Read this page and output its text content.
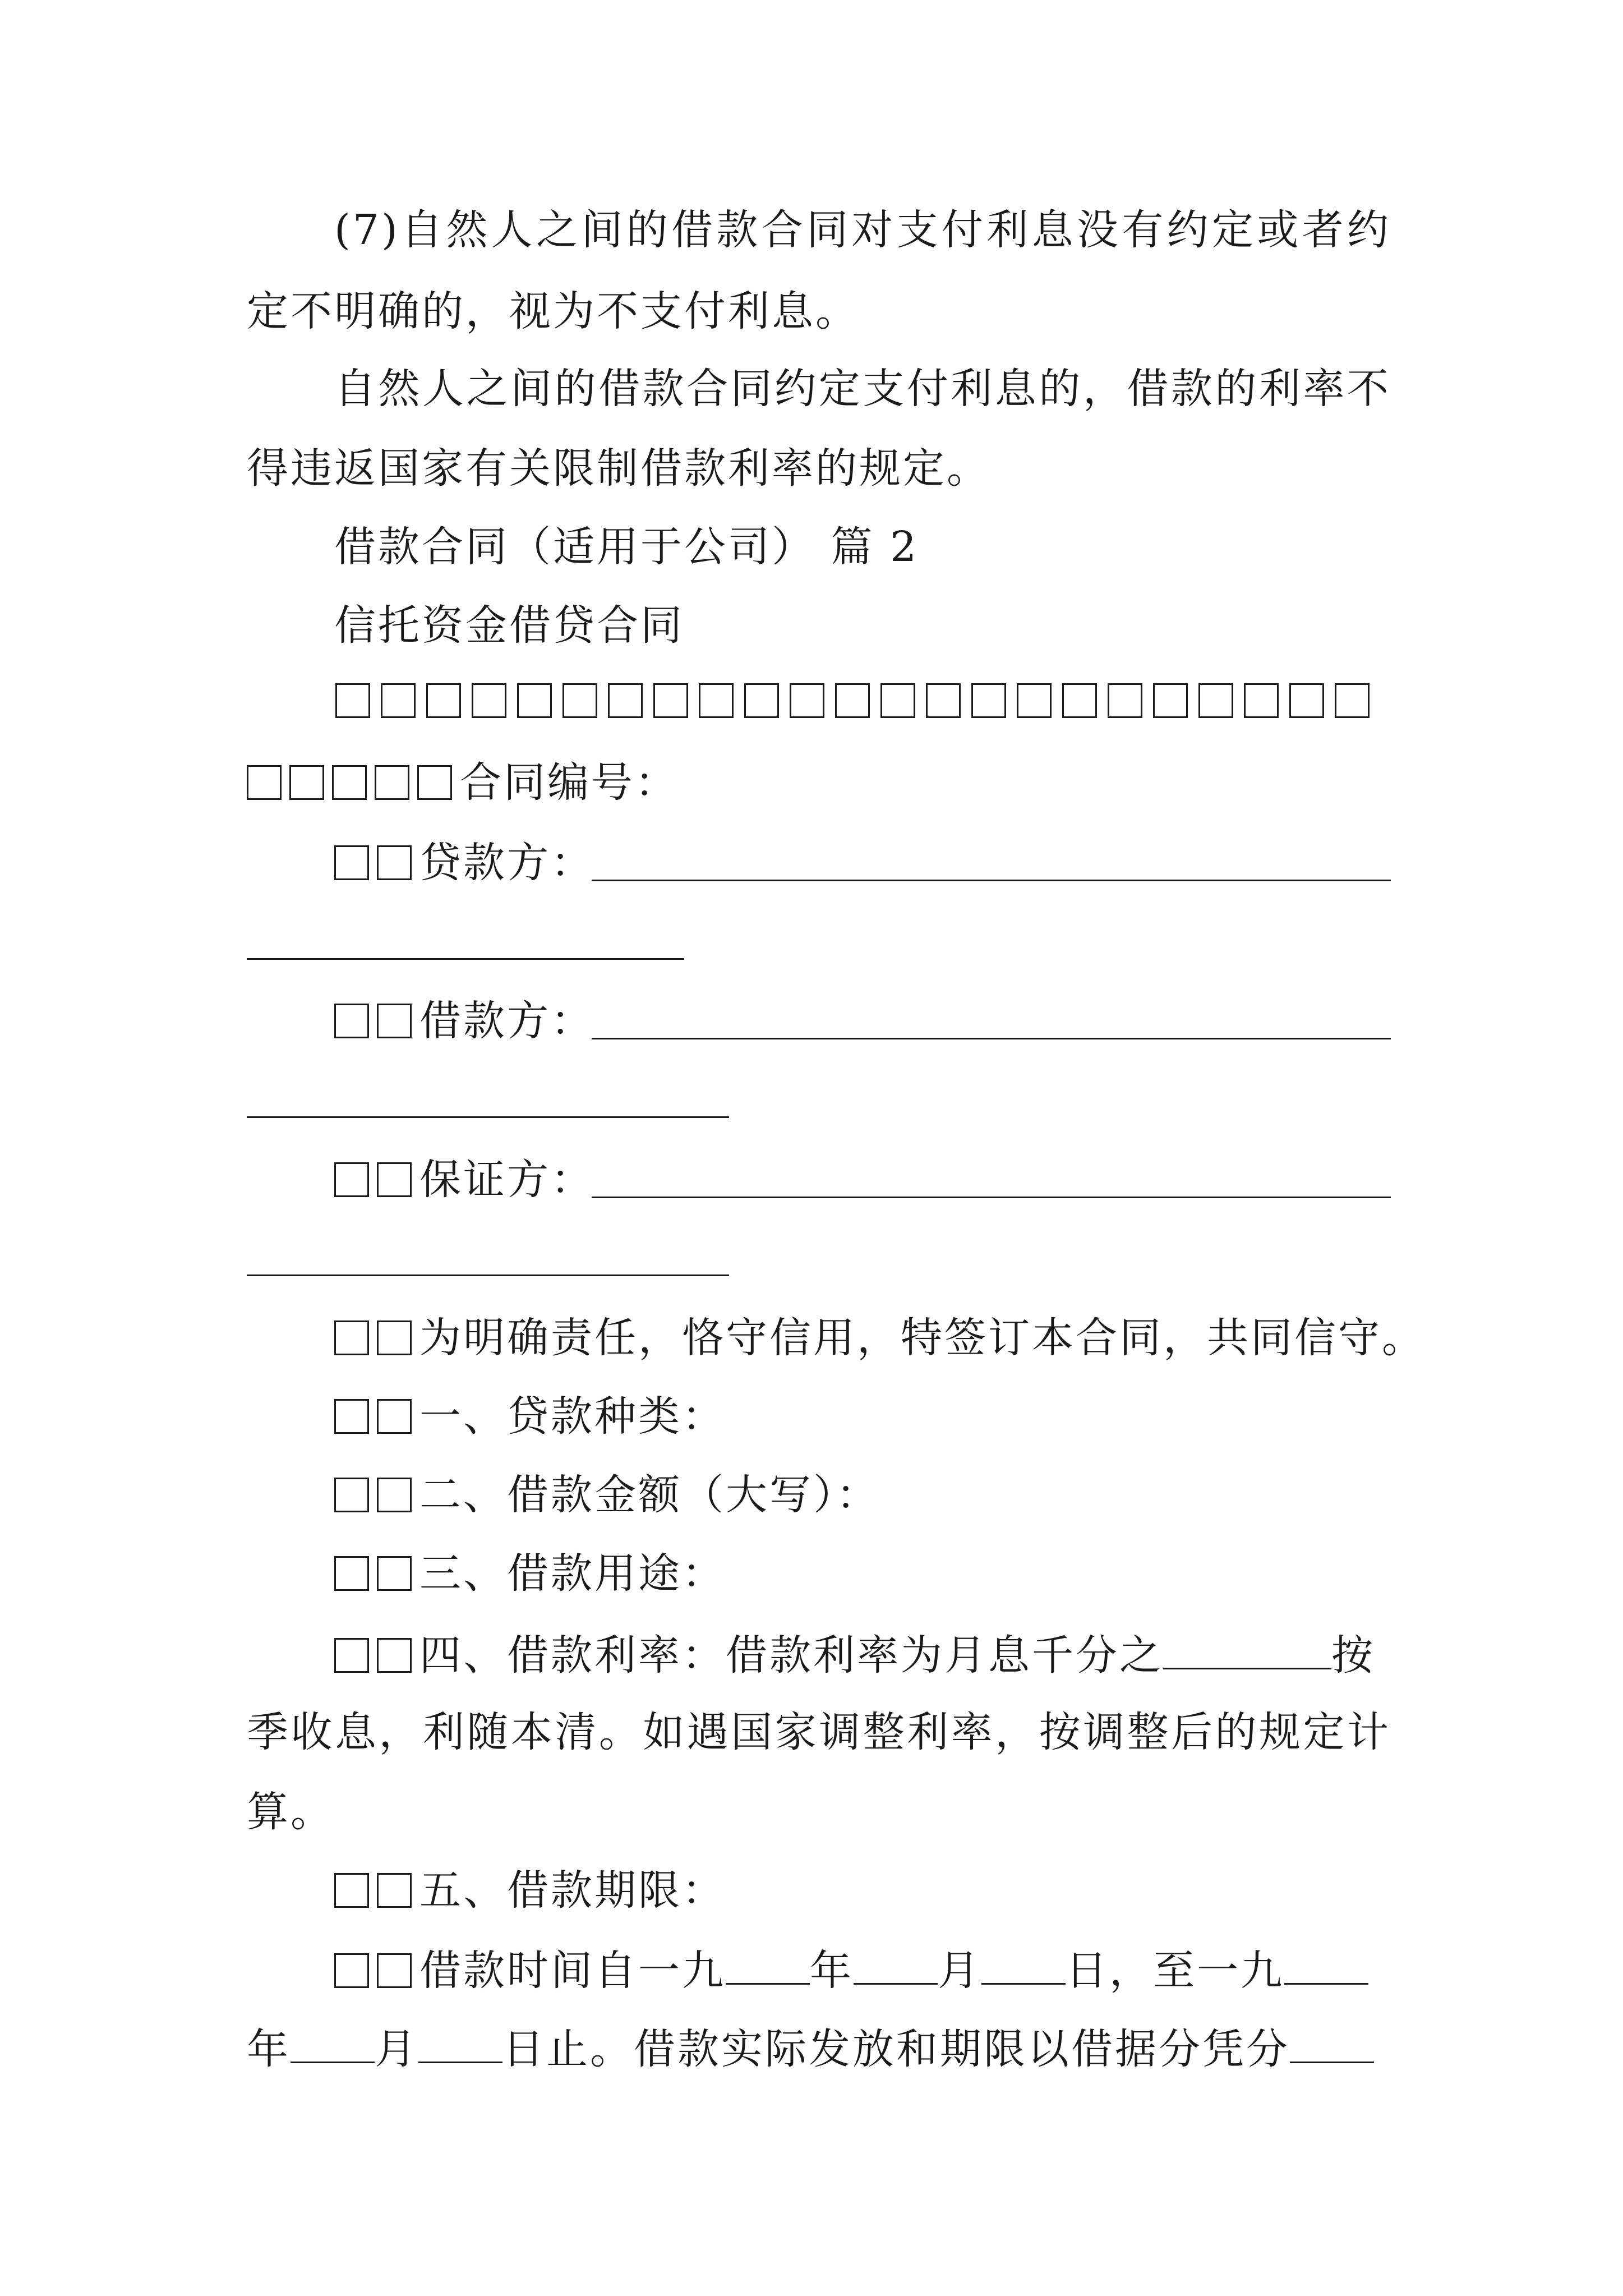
(7)自然人之间的借款合同对支付利息没有约定或者约
定不明确的，视为不支付利息。
自然人之间的借款合同约定支付利息的，借款的利率不
得违返国家有关限制借款利率的规定。
借款合同（适用于公司） 篇 2
信托资金借贷合同
合同编号：
贷款方：
借款方：
保证方：
为明确责任，恪守信用，特签订本合同，共同信守。
一、贷款种类：
二、借款金额（大写）：
三、借款用途：
四、借款利率：借款利率为月息千分之	按
季收息，利随本清。如遇国家调整利率，按调整后的规定计
算。
五、借款期限：
借款时间自一九 年 月 日，至一九
年 月 日止。借款实际发放和期限以借据分凭分
